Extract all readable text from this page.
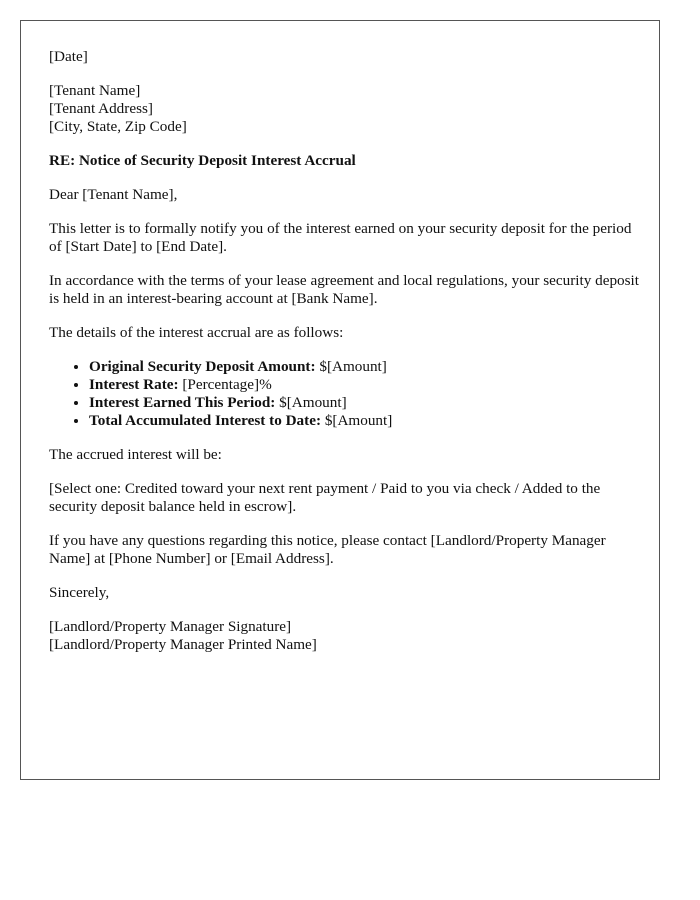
[Date]

[Tenant Name]
[Tenant Address]
[City, State, Zip Code]

RE: Notice of Security Deposit Interest Accrual

Dear [Tenant Name],

This letter is to formally notify you of the interest earned on your security deposit for the period of [Start Date] to [End Date].

In accordance with the terms of your lease agreement and local regulations, your security deposit is held in an interest-bearing account at [Bank Name].

The details of the interest accrual are as follows:

• Original Security Deposit Amount: $[Amount]
• Interest Rate: [Percentage]%
• Interest Earned This Period: $[Amount]
• Total Accumulated Interest to Date: $[Amount]

The accrued interest will be:

[Select one: Credited toward your next rent payment / Paid to you via check / Added to the security deposit balance held in escrow].

If you have any questions regarding this notice, please contact [Landlord/Property Manager Name] at [Phone Number] or [Email Address].

Sincerely,

[Landlord/Property Manager Signature]
[Landlord/Property Manager Printed Name]
